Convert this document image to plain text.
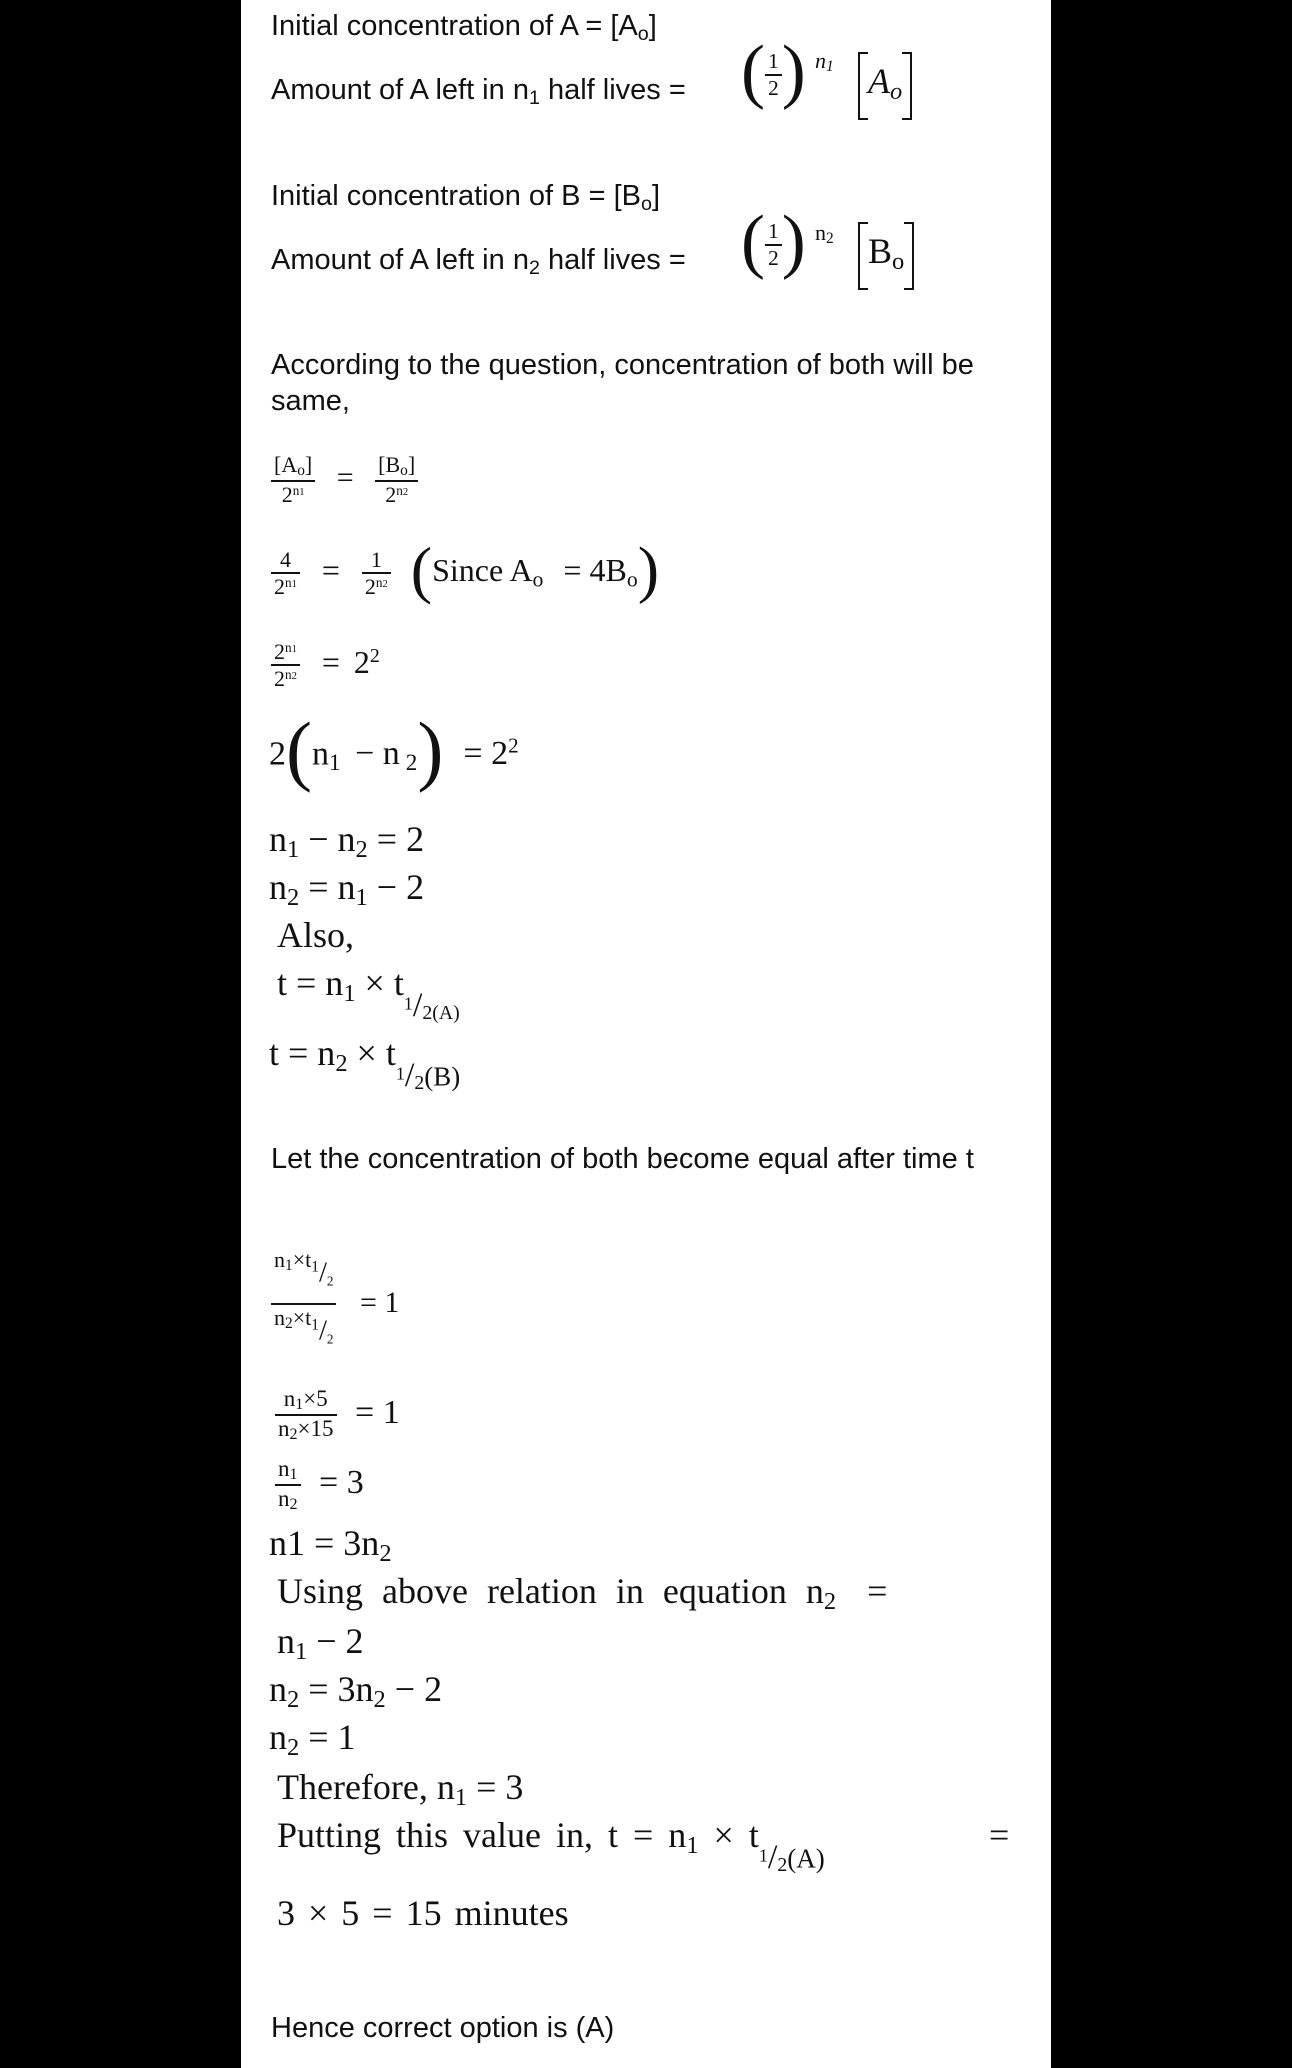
Initial concentration of $A = [A_o]$
Amount of A left in $n_1$ half lives = ( $\frac{1}{2}$ ) n1 $A_o$
Initial concentration of $B = [B_o]$
Amount of A left in $n_2$ half lives = ( $\frac{1}{2}$ ) n2 $B_o$
According to the question, concentration of both will be same,
$\frac{[Ao]}{2^{n1}} = \frac{[Bo]}{2^{n2}}$
$\frac{4}{2^{n1}} = \frac{1}{2^{n2}}$ (Since $A_o = 4B_o$)
$\frac{2^{n1}}{2^{n2}} = 2^2$
$2(n_1 - n$ $_2) = 2^2$
$n_1 - n_2 = 2$
$n_2 = n_1 - 2$
Also,
$t = n_1 \times t_1/_{2(A)}$
$t = n_2 \times t_1/_{2(B)}$
Let the concentration of both become equal after time t
$\frac{n1\times t_1/_2}{n2\times t_1/_2} = 1$
$\frac{n1\times 5}{n2\times 15} = 1$
$\frac{n1}{n2} = 3$
$n1 = 3n_2$
Using above relation in equation $n_2$ =
$n_1 - 2$
$n_2 = 3n_2 - 2$
$n_2 = 1$
Therefore, $n_1 = 3$
Putting this value in, $t = n_1 \times t_1/_{2(A)}$
=
3 × 5 = 15 minutes
Hence correct option is (A)
